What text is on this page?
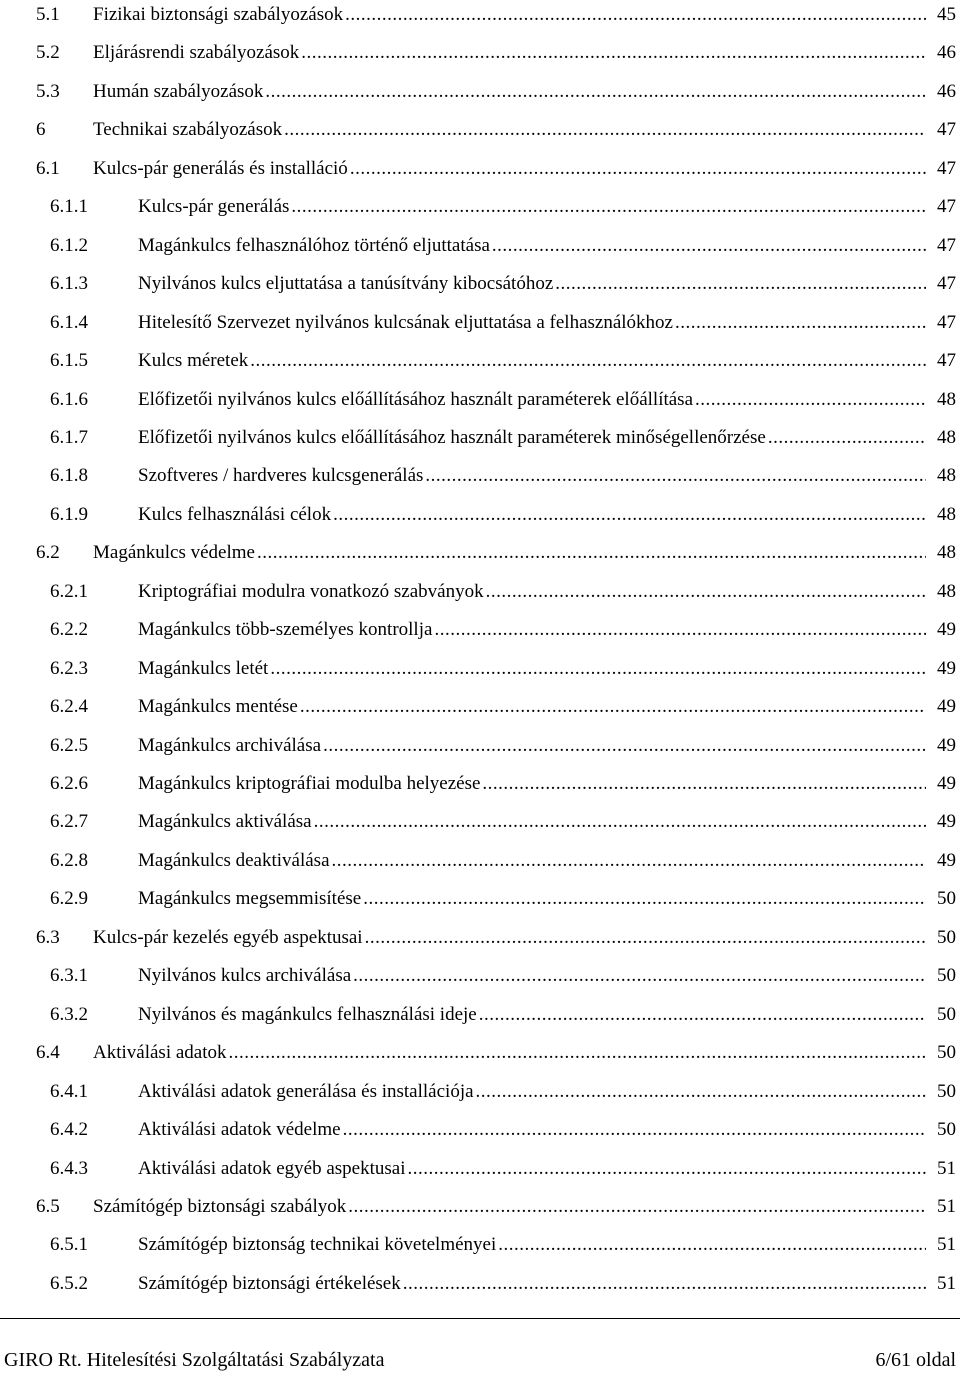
5.1 Fizikai biztonsági szabályozások .....	45
5.2 Eljárásrendi szabályozások .....	46
5.3 Humán szabályozások .....	46
6	Technikai szabályozások .....	47
6.1 Kulcs-pár generálás és installáció .....	47
6.1.1	Kulcs-pár generálás .....	47
6.1.2	Magánkulcs felhasználóhoz történő eljuttatása .....	47
6.1.3	Nyilvános kulcs eljuttatása a tanúsítvány kibocsátóhoz .....	47
6.1.4	Hitelesítő Szervezet nyilvános kulcsának eljuttatása a felhasználókhoz .....	47
6.1.5	Kulcs méretek .....	47
6.1.6	Előfizetői nyilvános kulcs előállításához használt paraméterek előállítása .....	48
6.1.7	Előfizetői nyilvános kulcs előállításához használt paraméterek minőségellenőrzése .....	48
6.1.8	Szoftveres / hardveres kulcsgenerálás .....	48
6.1.9	Kulcs felhasználási célok .....	48
6.2 Magánkulcs védelme .....	48
6.2.1	Kriptográfiai modulra vonatkozó szabványok .....	48
6.2.2	Magánkulcs több-személyes kontrollja .....	49
6.2.3	Magánkulcs letét .....	49
6.2.4	Magánkulcs mentése .....	49
6.2.5	Magánkulcs archiválása .....	49
6.2.6	Magánkulcs kriptográfiai modulba helyezése .....	49
6.2.7	Magánkulcs aktiválása .....	49
6.2.8	Magánkulcs deaktiválása .....	49
6.2.9	Magánkulcs megsemmisítése .....	50
6.3 Kulcs-pár kezelés egyéb aspektusai .....	50
6.3.1	Nyilvános kulcs archiválása .....	50
6.3.2	Nyilvános és magánkulcs felhasználási ideje .....	50
6.4 Aktiválási adatok .....	50
6.4.1	Aktiválási adatok generálása és installációja .....	50
6.4.2	Aktiválási adatok védelme .....	50
6.4.3	Aktiválási adatok egyéb aspektusai .....	51
6.5 Számítógép biztonsági szabályok .....	51
6.5.1	Számítógép biztonság technikai követelményei .....	51
6.5.2	Számítógép biztonsági értékelések .....	51
GIRO Rt. Hitelesítési Szolgáltatási Szabályzata	6/61 oldal
